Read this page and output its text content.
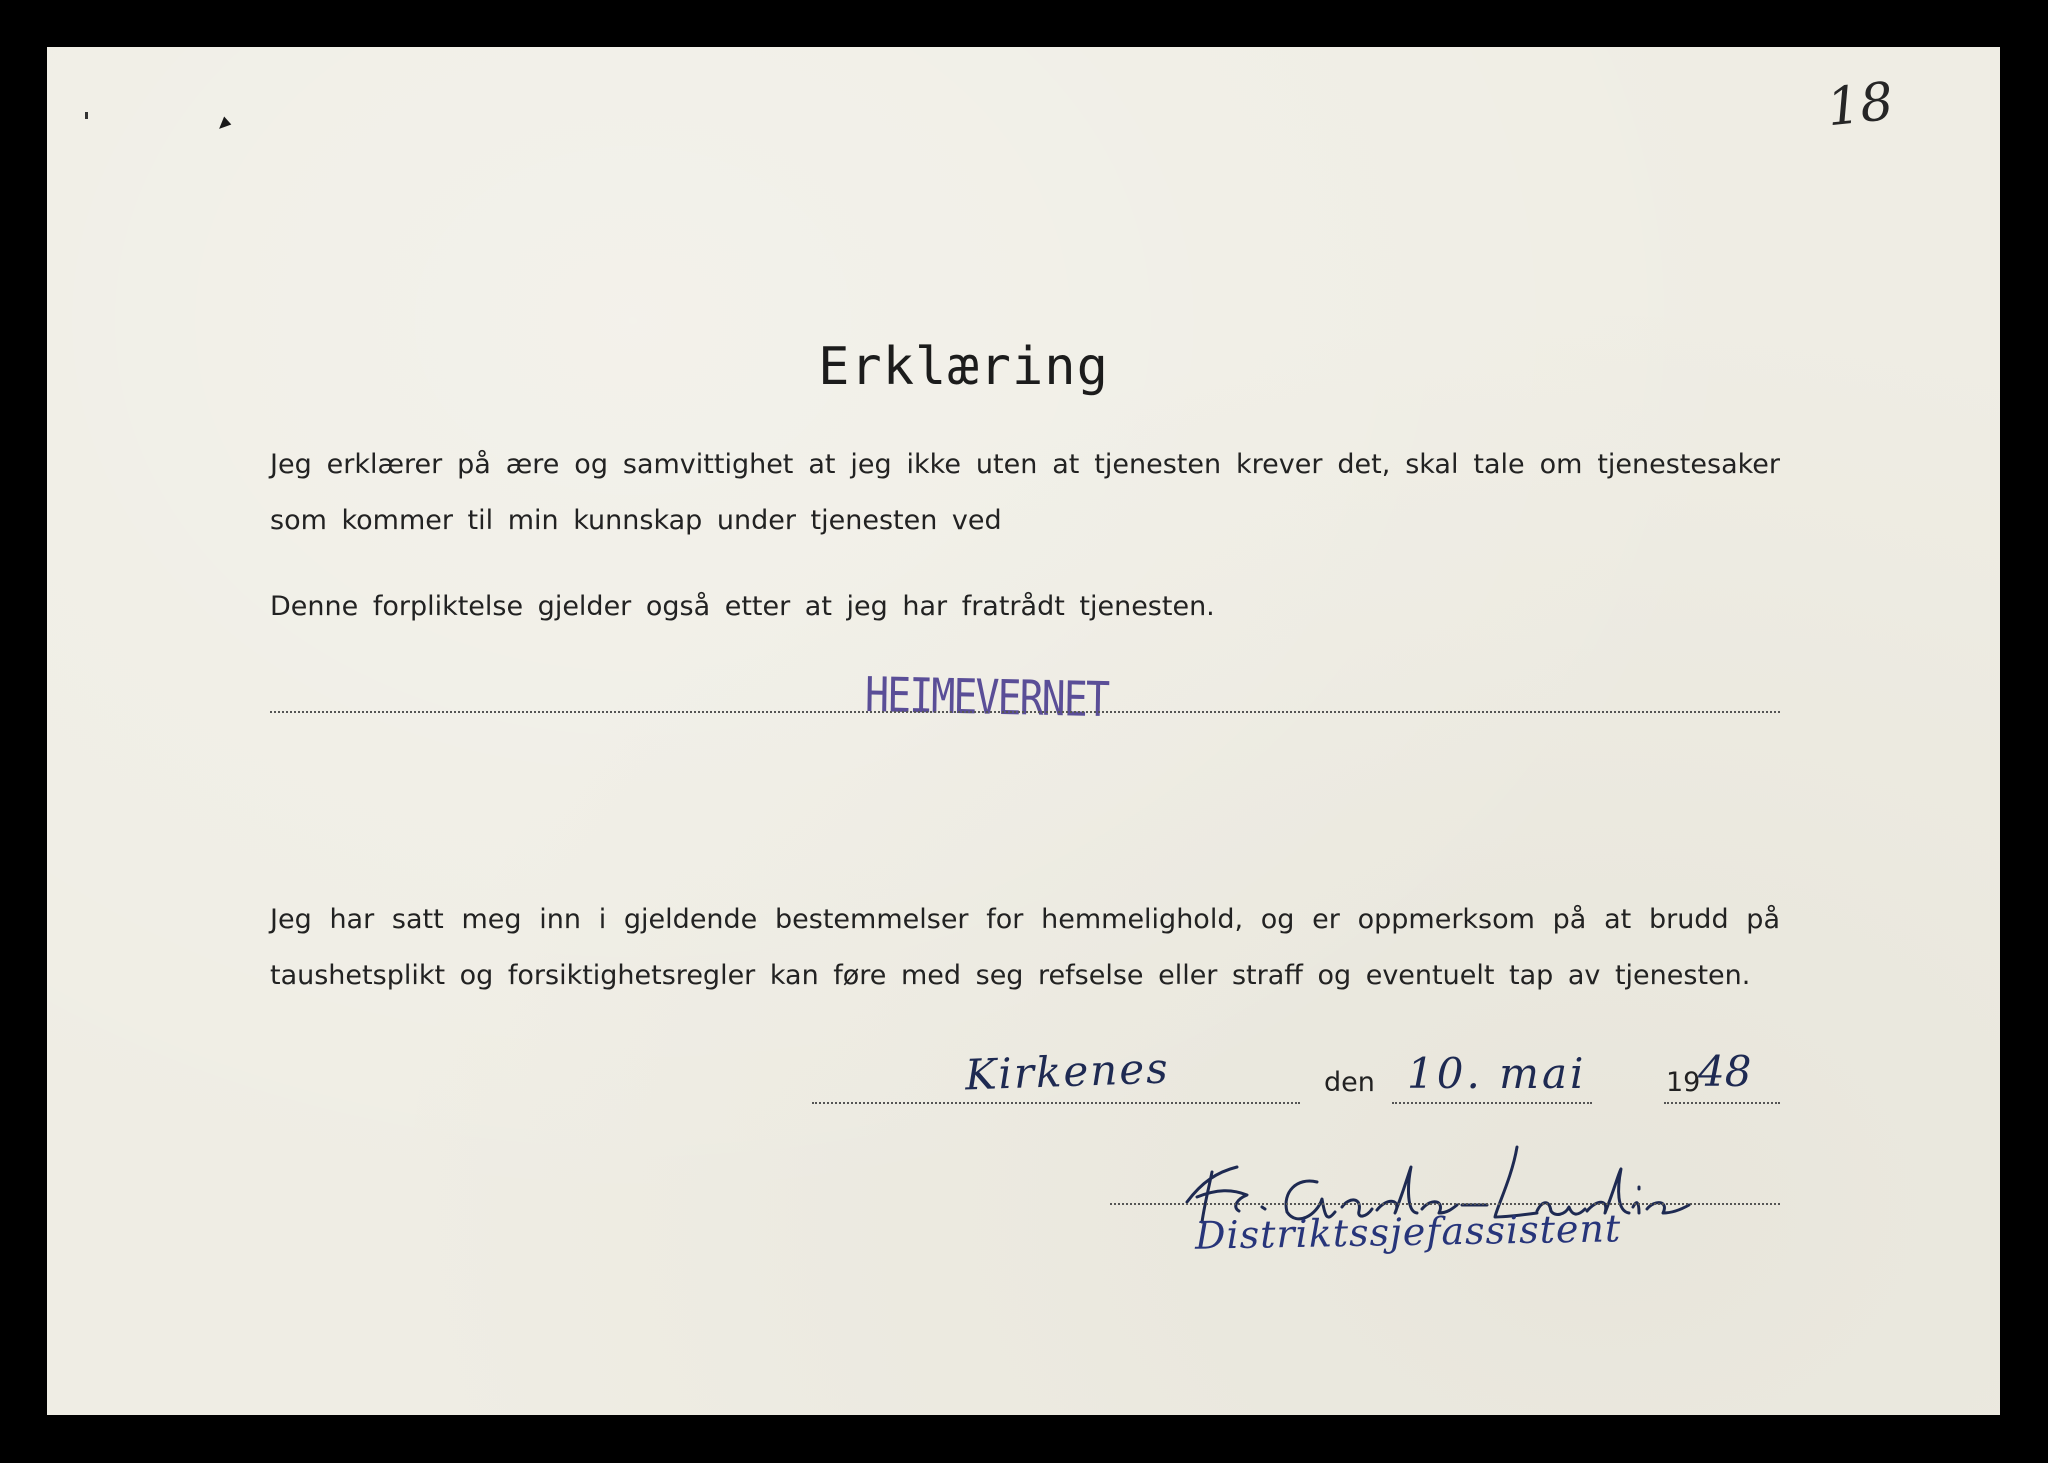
18
Erklæring
Jeg erklærer på ære og samvittighet at jeg ikke uten at tjenesten krever det, skal tale om tjenestesaker som kommer til min kunnskap under tjenesten ved
HEIMEVERNET
Denne forpliktelse gjelder også etter at jeg har fratrådt tjenesten.
Jeg har satt meg inn i gjeldende bestemmelser for hemmelighold, og er oppmerksom på at brudd på taushetsplikt og forsiktighetsregler kan føre med seg refselse eller straff og eventuelt tap av tjenesten.
Kirkenes	den 10. mai	19
48
Distriktssjefassistent
